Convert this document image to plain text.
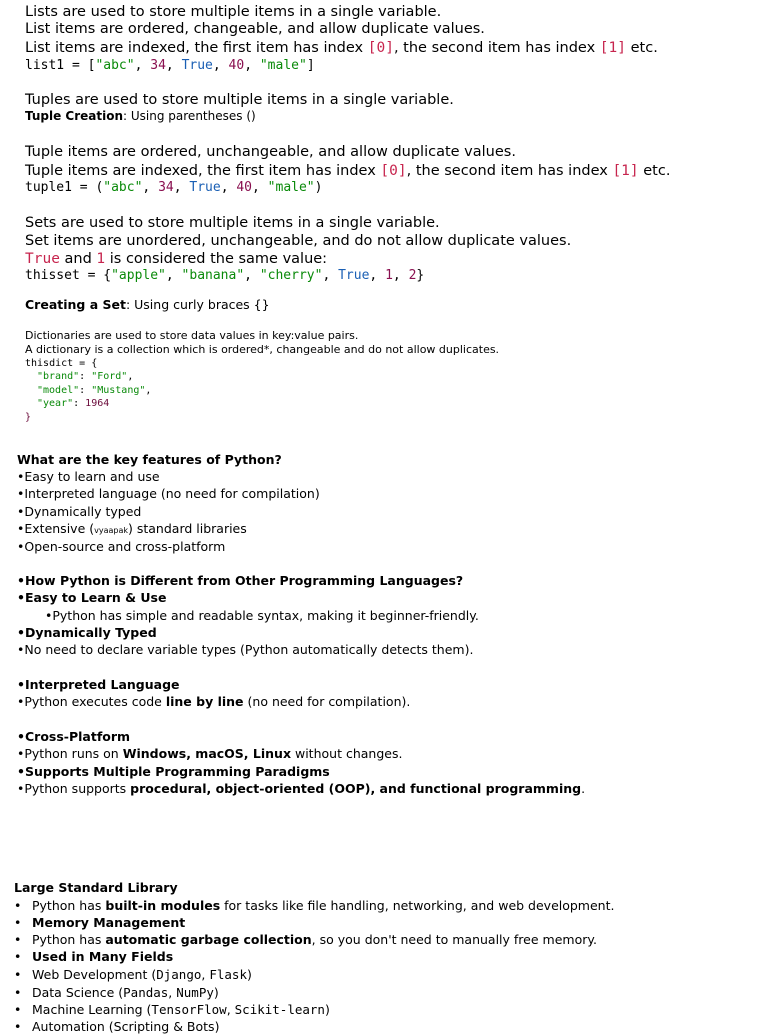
Lists are used to store multiple items in a single variable.
List items are ordered, changeable, and allow duplicate values.
List items are indexed, the first item has index [0], the second item has index [1] etc.
list1 = ["abc", 34, True, 40, "male"]
Tuples are used to store multiple items in a single variable.
Tuple Creation: Using parentheses ()
Tuple items are ordered, unchangeable, and allow duplicate values.
Tuple items are indexed, the first item has index [0], the second item has index [1] etc.
tuple1 = ("abc", 34, True, 40, "male")
Sets are used to store multiple items in a single variable.
Set items are unordered, unchangeable, and do not allow duplicate values.
True and 1 is considered the same value:
thisset = {"apple", "banana", "cherry", True, 1, 2}
Creating a Set: Using curly braces {}
Dictionaries are used to store data values in key:value pairs.
A dictionary is a collection which is ordered*, changeable and do not allow duplicates.
thisdict = {
"brand": "Ford",
"model": "Mustang",
"year": 1964
}
What are the key features of Python?
•Easy to learn and use
•Interpreted language (no need for compilation)
•Dynamically typed
•Extensive (vyaapak) standard libraries
•Open-source and cross-platform
•How Python is Different from Other Programming Languages?
•Easy to Learn & Use
•Python has simple and readable syntax, making it beginner-friendly.
•Dynamically Typed
•No need to declare variable types (Python automatically detects them).
•Interpreted Language
•Python executes code line by line (no need for compilation).
•Cross-Platform
•Python runs on Windows, macOS, Linux without changes.
•Supports Multiple Programming Paradigms
•Python supports procedural, object-oriented (OOP), and functional programming.
Large Standard Library
• Python has built-in modules for tasks like file handling, networking, and web development.
• Memory Management
• Python has automatic garbage collection, so you don't need to manually free memory.
• Used in Many Fields
• Web Development (Django, Flask)
• Data Science (Pandas, NumPy)
• Machine Learning (TensorFlow, Scikit-learn)
• Automation (Scripting & Bots)
